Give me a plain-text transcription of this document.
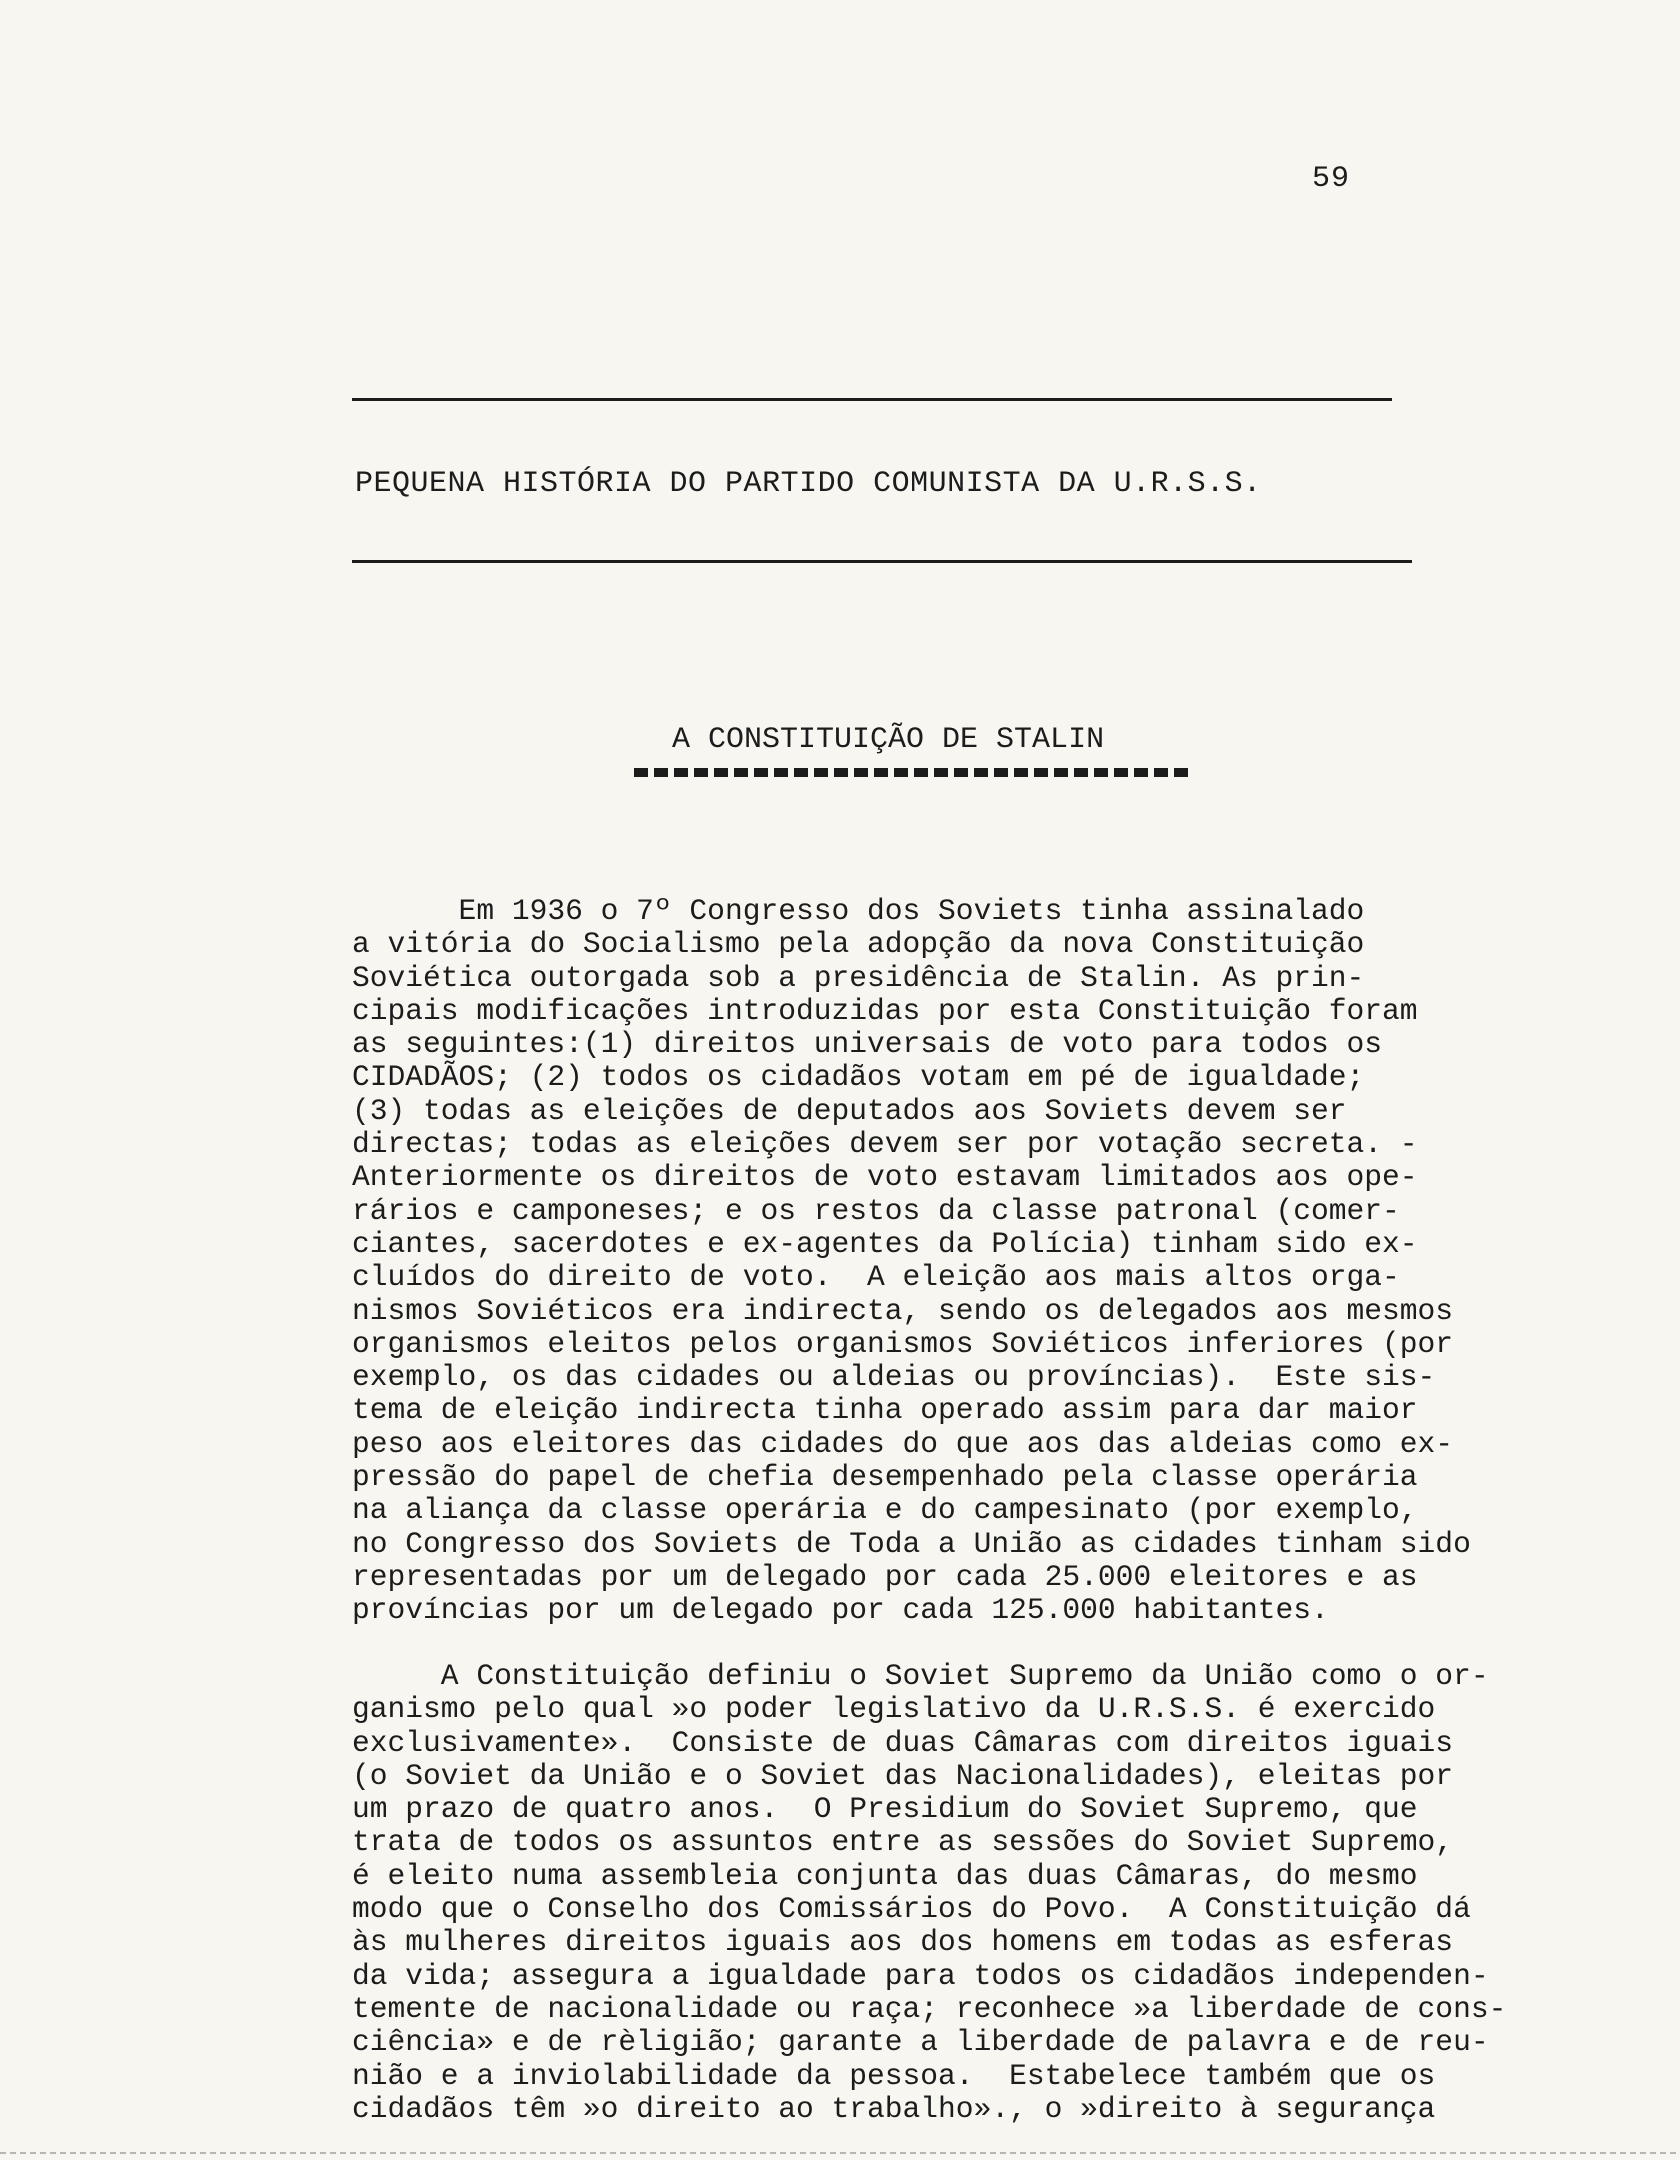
59
PEQUENA HISTÓRIA DO PARTIDO COMUNISTA DA U.R.S.S.
A CONSTITUIÇÃO DE STALIN
Em 1936 o 7º Congresso dos Soviets tinha assinalado
a vitória do Socialismo pela adopção da nova Constituição
Soviética outorgada sob a presidência de Stalin. As prin-
cipais modificações introduzidas por esta Constituição foram
as seguintes:(1) direitos universais de voto para todos os
CIDADÃOS; (2) todos os cidadãos votam em pé de igualdade;
(3) todas as eleições de deputados aos Soviets devem ser
directas; todas as eleições devem ser por votação secreta. -
Anteriormente os direitos de voto estavam limitados aos ope-
rários e camponeses; e os restos da classe patronal (comer-
ciantes, sacerdotes e ex-agentes da Polícia) tinham sido ex-
cluídos do direito de voto.  A eleição aos mais altos orga-
nismos Soviéticos era indirecta, sendo os delegados aos mesmos
organismos eleitos pelos organismos Soviéticos inferiores (por
exemplo, os das cidades ou aldeias ou províncias).  Este sis-
tema de eleição indirecta tinha operado assim para dar maior
peso aos eleitores das cidades do que aos das aldeias como ex-
pressão do papel de chefia desempenhado pela classe operária
na aliança da classe operária e do campesinato (por exemplo,
no Congresso dos Soviets de Toda a União as cidades tinham sido
representadas por um delegado por cada 25.000 eleitores e as
províncias por um delegado por cada 125.000 habitantes.
A Constituição definiu o Soviet Supremo da União como o or-
ganismo pelo qual »o poder legislativo da U.R.S.S. é exercido
exclusivamente».  Consiste de duas Câmaras com direitos iguais
(o Soviet da União e o Soviet das Nacionalidades), eleitas por
um prazo de quatro anos.  O Presidium do Soviet Supremo, que
trata de todos os assuntos entre as sessões do Soviet Supremo,
é eleito numa assembleia conjunta das duas Câmaras, do mesmo
modo que o Conselho dos Comissários do Povo.  A Constituição dá
às mulheres direitos iguais aos dos homens em todas as esferas
da vida; assegura a igualdade para todos os cidadãos independen-
temente de nacionalidade ou raça; reconhece »a liberdade de cons-
ciência» e de rèligião; garante a liberdade de palavra e de reu-
nião e a inviolabilidade da pessoa.  Estabelece também que os
cidadãos têm »o direito ao trabalho»., o »direito à segurança
